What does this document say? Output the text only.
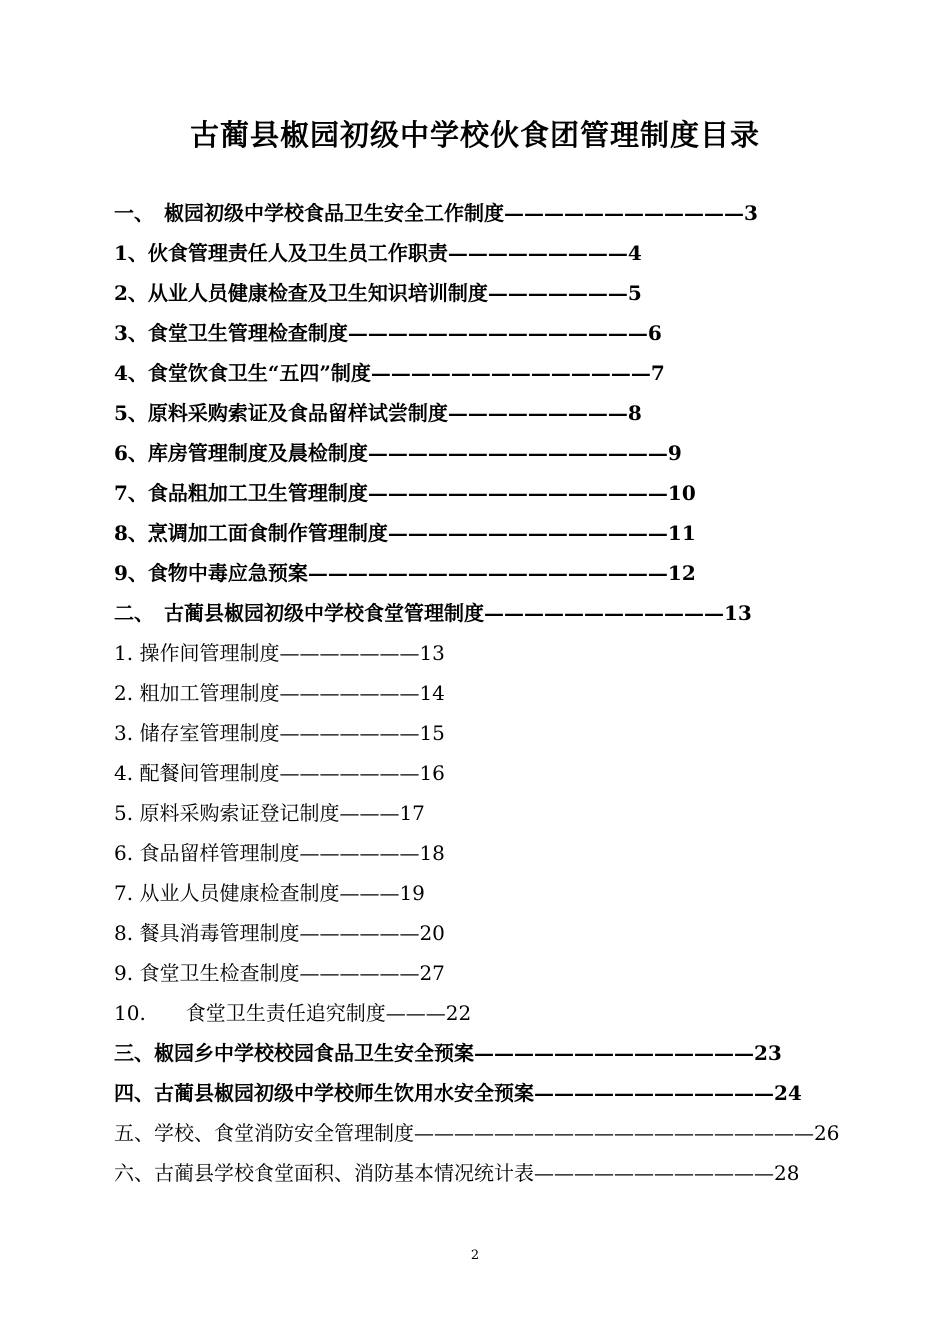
古蔺县椒园初级中学校伙食团管理制度目录
一、　椒园初级中学校食品卫生安全工作制度————————————3
1、伙食管理责任人及卫生员工作职责—————————4
2、从业人员健康检查及卫生知识培训制度———————5
3、食堂卫生管理检查制度———————————————6
4、食堂饮食卫生“五四”制度——————————————7
5、原料采购索证及食品留样试尝制度—————————8
6、库房管理制度及晨检制度———————————————9
7、食品粗加工卫生管理制度———————————————10
8、烹调加工面食制作管理制度——————————————11
9、食物中毒应急预案——————————————————12
二、　古蔺县椒园初级中学校食堂管理制度————————————13
1. 操作间管理制度———————13
2. 粗加工管理制度———————14
3. 储存室管理制度———————15
4. 配餐间管理制度———————16
5. 原料采购索证登记制度———17
6. 食品留样管理制度——————18
7. 从业人员健康检查制度———19
8. 餐具消毒管理制度——————20
9. 食堂卫生检查制度——————27
10.　　食堂卫生责任追究制度———22
三、椒园乡中学校校园食品卫生安全预案——————————————23
四、古蔺县椒园初级中学校师生饮用水安全预案————————————24
五、学校、食堂消防安全管理制度————————————————————26
六、古蔺县学校食堂面积、消防基本情况统计表————————————28
2
